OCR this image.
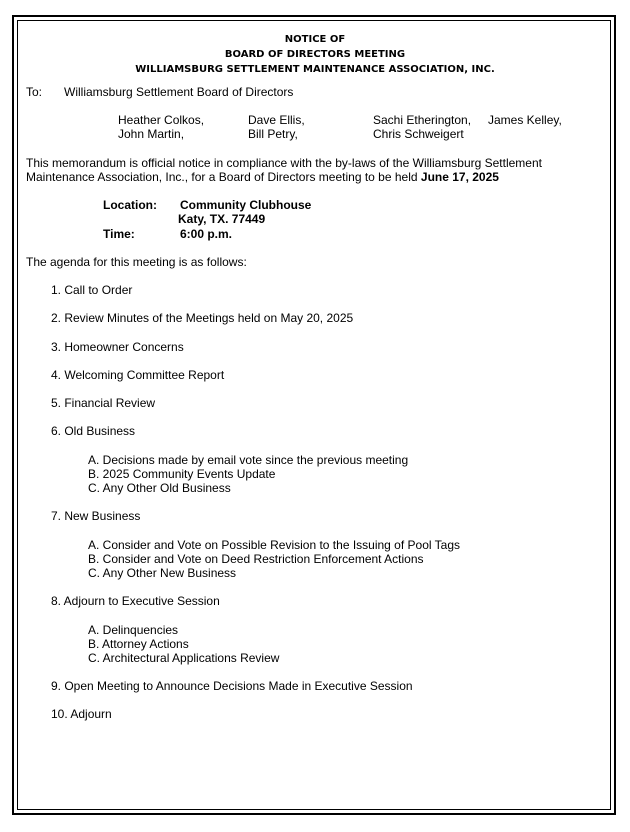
NOTICE OF
BOARD OF DIRECTORS MEETING
WILLIAMSBURG SETTLEMENT MAINTENANCE ASSOCIATION, INC.
To: Williamsburg Settlement Board of Directors
Heather Colkos,	Dave Ellis,	Sachi Etherington, James Kelley,
John Martin,	Bill Petry,	Chris Schweigert
This memorandum is official notice in compliance with the by-laws of the Williamsburg Settlement
Maintenance Association, Inc., for a Board of Directors meeting to be held June 17, 2025
Location: Community Clubhouse
Katy, TX. 77449
Time:	6:00 p.m.
The agenda for this meeting is as follows:
1. Call to Order
2. Review Minutes of the Meetings held on May 20, 2025
3. Homeowner Concerns
4. Welcoming Committee Report
5. Financial Review
6. Old Business
A. Decisions made by email vote since the previous meeting
B. 2025 Community Events Update
C. Any Other Old Business
7. New Business
A. Consider and Vote on Possible Revision to the Issuing of Pool Tags
B. Consider and Vote on Deed Restriction Enforcement Actions
C. Any Other New Business
8. Adjourn to Executive Session
A. Delinquencies
B. Attorney Actions
C. Architectural Applications Review
9. Open Meeting to Announce Decisions Made in Executive Session
10. Adjourn
